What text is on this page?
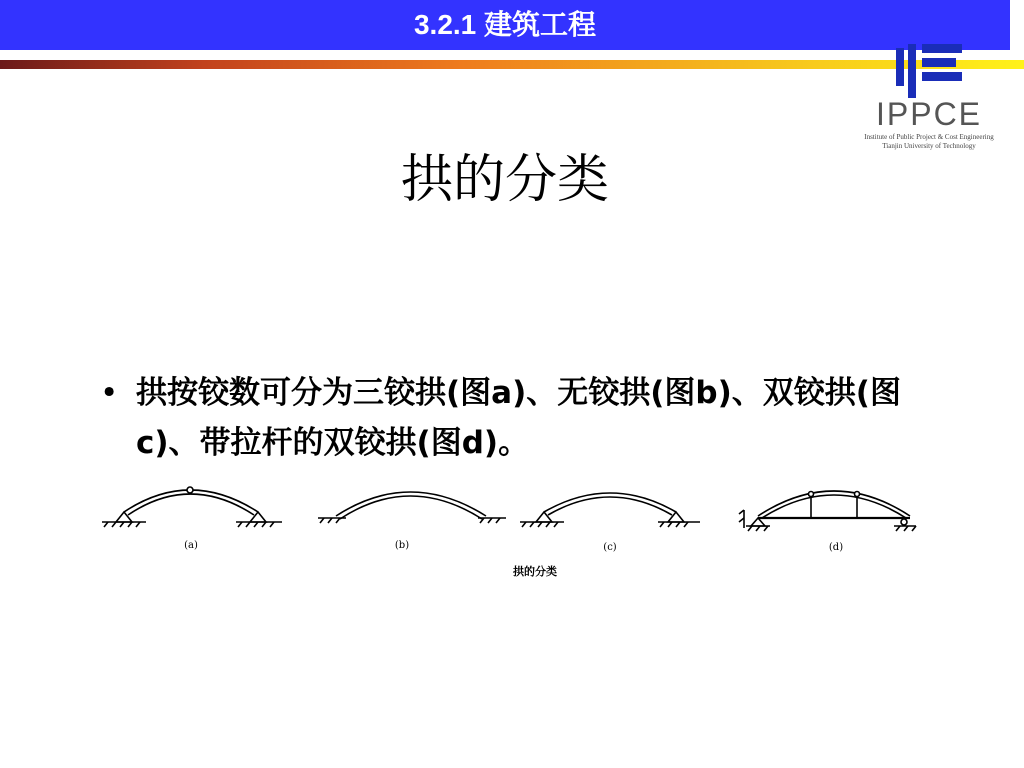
3.2.1 建筑工程
IPPCE
Institute of Public Project & Cost Engineering
Tianjin University of Technology
拱的分类
• 拱按铰数可分为三铰拱(图a)、无铰拱(图b)、双铰拱(图c)、带拉杆的双铰拱(图d)。
(a)	(b)	(c)	(d)
拱的分类
